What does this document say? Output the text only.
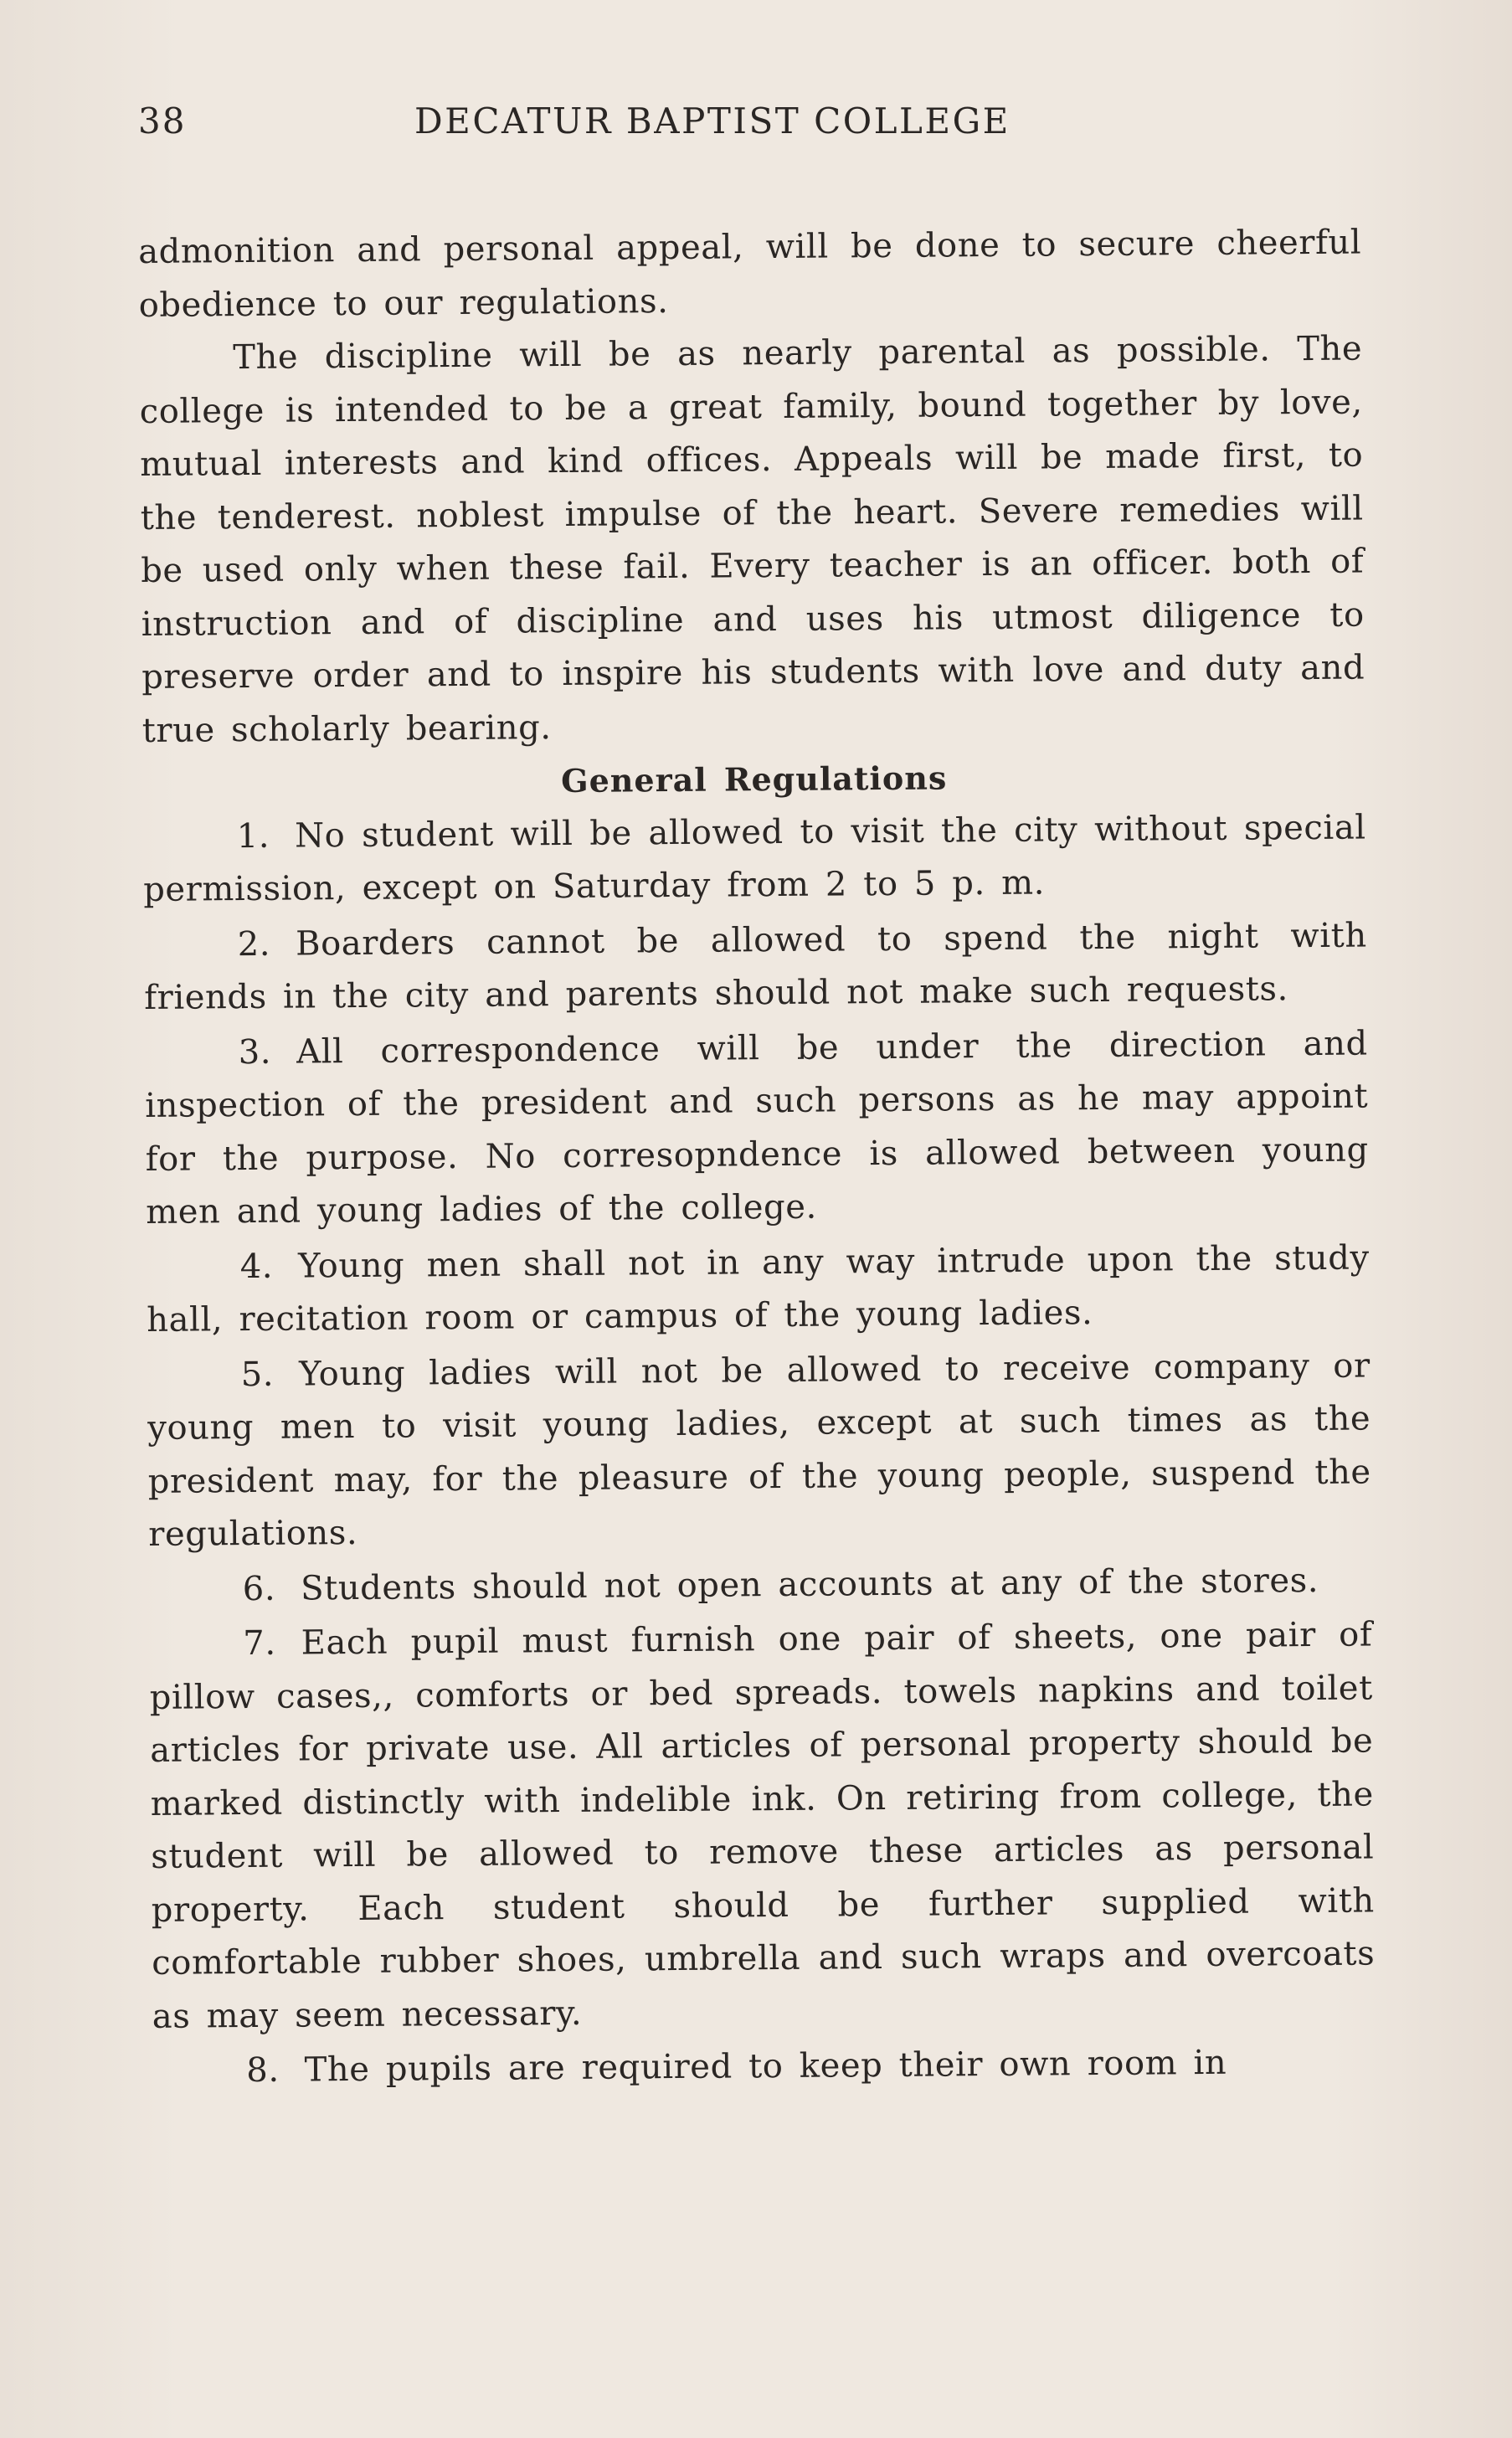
38	DECATUR BAPTIST COLLEGE

admonition and personal appeal, will be done to secure cheerful obedience to our regulations.

The discipline will be as nearly parental as possible. The college is intended to be a great family, bound together by love, mutual interests and kind offices. Appeals will be made first, to the tenderest. noblest impulse of the heart. Severe remedies will be used only when these fail. Every teacher is an officer. both of instruction and of discipline and uses his utmost diligence to preserve order and to inspire his students with love and duty and true scholarly bearing.

General Regulations

1. No student will be allowed to visit the city without special permission, except on Saturday from 2 to 5 p. m.

2. Boarders cannot be allowed to spend the night with friends in the city and parents should not make such requests.

3. All correspondence will be under the direction and inspection of the president and such persons as he may appoint for the purpose. No corresopndence is allowed between young men and young ladies of the college.

4. Young men shall not in any way intrude upon the study hall, recitation room or campus of the young ladies.

5. Young ladies will not be allowed to receive company or young men to visit young ladies, except at such times as the president may, for the pleasure of the young people, suspend the regulations.

6. Students should not open accounts at any of the stores.

7. Each pupil must furnish one pair of sheets, one pair of pillow cases,, comforts or bed spreads. towels napkins and toilet articles for private use. All articles of personal property should be marked distinctly with indelible ink. On retiring from college, the student will be allowed to remove these articles as personal property. Each student should be further supplied with comfortable rubber shoes, umbrella and such wraps and overcoats as may seem necessary.

8. The pupils are required to keep their own room in
